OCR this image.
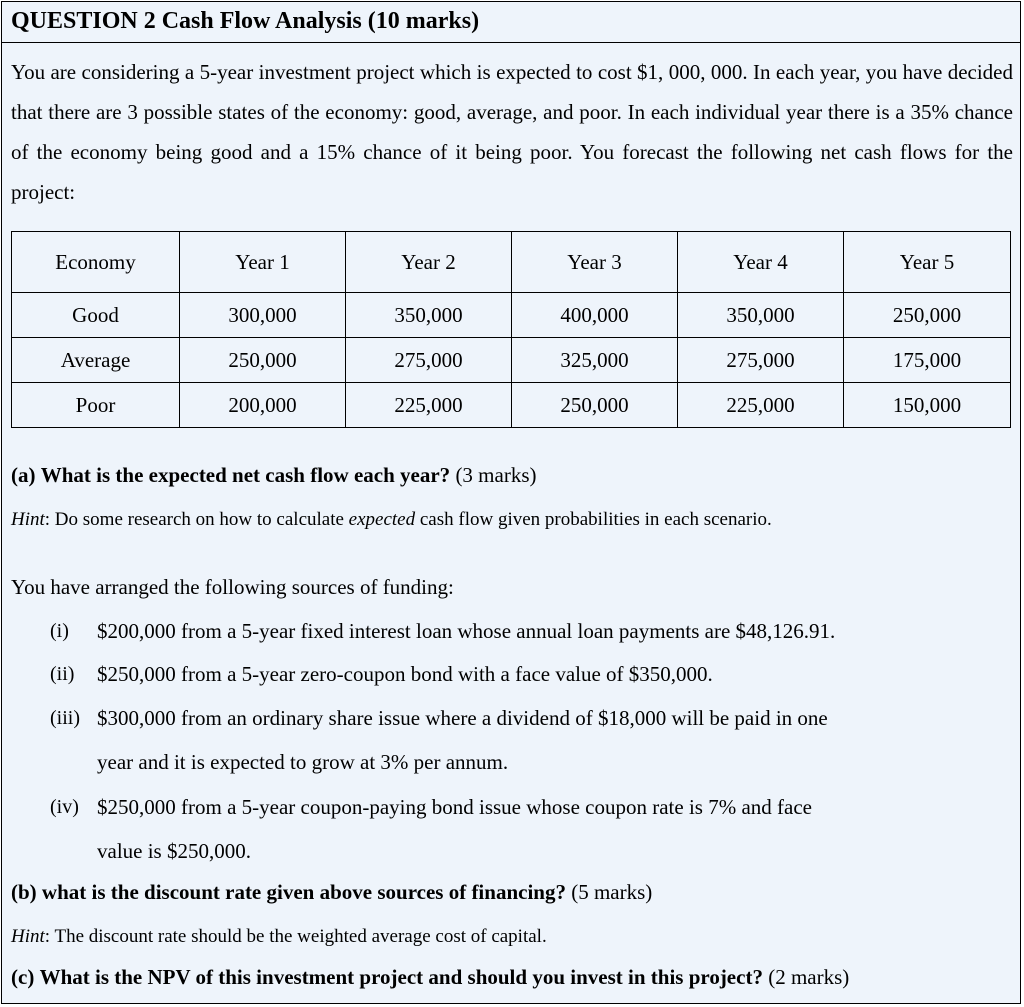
QUESTION 2 Cash Flow Analysis (10 marks)

You are considering a 5-year investment project which is expected to cost $1, 000, 000. In each year, you have decided that there are 3 possible states of the economy: good, average, and poor. In each individual year there is a 35% chance of the economy being good and a 15% chance of it being poor. You forecast the following net cash flows for the project:

Economy	Year 1	Year 2	Year 3	Year 4	Year 5
Good	300,000	350,000	400,000	350,000	250,000
Average	250,000	275,000	325,000	275,000	175,000
Poor	200,000	225,000	250,000	225,000	150,000
(a) What is the expected net cash flow each year? (3 marks)
Hint: Do some research on how to calculate expected cash flow given probabilities in each scenario.
You have arranged the following sources of funding:
(i) $200,000 from a 5-year fixed interest loan whose annual loan payments are $48,126.91.
(ii) $250,000 from a 5-year zero-coupon bond with a face value of $350,000.
(iii) $300,000 from an ordinary share issue where a dividend of $18,000 will be paid in one
year and it is expected to grow at 3% per annum.
(iv) $250,000 from a 5-year coupon-paying bond issue whose coupon rate is 7% and face
value is $250,000.
(b) what is the discount rate given above sources of financing? (5 marks)
Hint: The discount rate should be the weighted average cost of capital.
(c) What is the NPV of this investment project and should you invest in this project? (2 marks)
